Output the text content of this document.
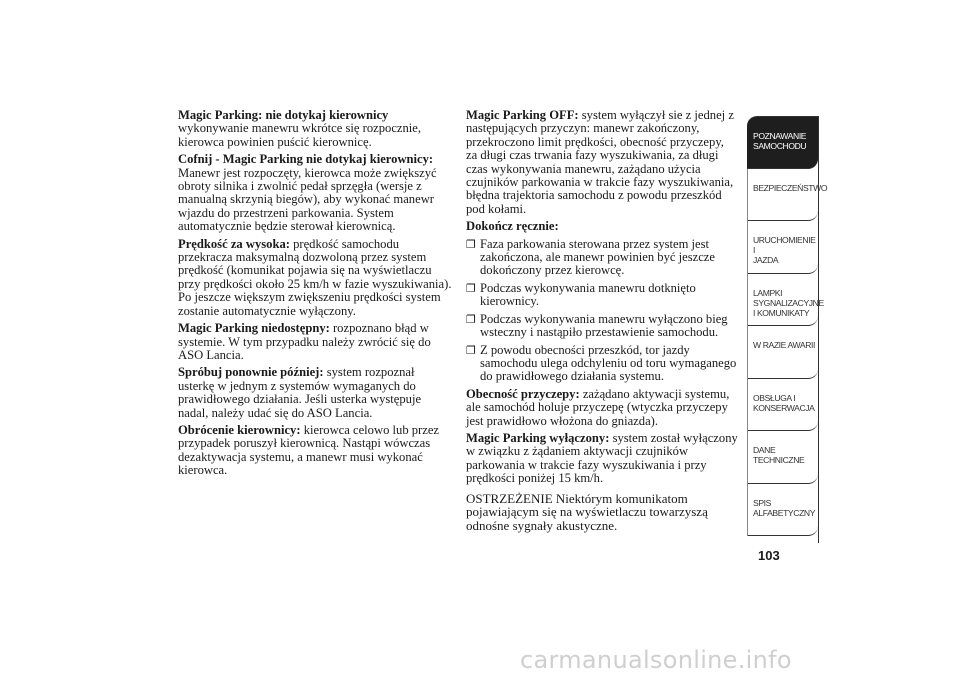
Magic Parking: nie dotykaj kierownicy
wykonywanie manewru wkrótce się rozpocznie, kierowca powinien puścić kierownicę.

Cofnij - Magic Parking nie dotykaj kierownicy:
Manewr jest rozpoczęty, kierowca może zwiększyć obroty silnika i zwolnić pedał sprzęgła (wersje z manualną skrzynią biegów), aby wykonać manewr wjazdu do przestrzeni parkowania. System automatycznie będzie sterował kierownicą.

Prędkość za wysoka: prędkość samochodu przekracza maksymalną dozwoloną przez system prędkość (komunikat pojawia się na wyświetlaczu przy prędkości około 25 km/h w fazie wyszukiwania). Po jeszcze większym zwiększeniu prędkości system zostanie automatycznie wyłączony.

Magic Parking niedostępny: rozpoznano błąd w systemie. W tym przypadku należy zwrócić się do ASO Lancia.

Spróbuj ponownie później: system rozpoznał usterkę w jednym z systemów wymaganych do prawidłowego działania. Jeśli usterka występuje nadal, należy udać się do ASO Lancia.

Obrócenie kierownicy: kierowca celowo lub przez przypadek poruszył kierownicą. Nastąpi wówczas dezaktywacja systemu, a manewr musi wykonać kierowca.

Magic Parking OFF: system wyłączył sie z jednej z następujących przyczyn: manewr zakończony, przekroczono limit prędkości, obecność przyczepy, za długi czas trwania fazy wyszukiwania, za długi czas wykonywania manewru, zażądano użycia czujników parkowania w trakcie fazy wyszukiwania, błędna trajektoria samochodu z powodu przeszkód pod kołami.

Dokończ ręcznie:
❐ Faza parkowania sterowana przez system jest zakończona, ale manewr powinien być jeszcze dokończony przez kierowcę.
❐ Podczas wykonywania manewru dotknięto kierownicy.
❐ Podczas wykonywania manewru wyłączono bieg wsteczny i nastąpiło przestawienie samochodu.
❐ Z powodu obecności przeszkód, tor jazdy samochodu ulega odchyleniu od toru wymaganego do prawidłowego działania systemu.

Obecność przyczepy: zażądano aktywacji systemu, ale samochód holuje przyczepę (wtyczka przyczepy jest prawidłowo włożona do gniazda).

Magic Parking wyłączony: system został wyłączony w związku z żądaniem aktywacji czujników parkowania w trakcie fazy wyszukiwania i przy prędkości poniżej 15 km/h.

OSTRZEŻENIE Niektórym komunikatom pojawiającym się na wyświetlaczu towarzyszą odnośne sygnały akustyczne.

POZNAWANIE
SAMOCHODU
BEZPIECZEŃSTWO
URUCHOMIENIE I
JAZDA
LAMPKI
SYGNALIZACYJNE
I KOMUNIKATY
W RAZIE AWARII
OBSŁUGA I
KONSERWACJA
DANE
TECHNICZNE
SPIS
ALFABETYCZNY
103
carmanualsonline.info
